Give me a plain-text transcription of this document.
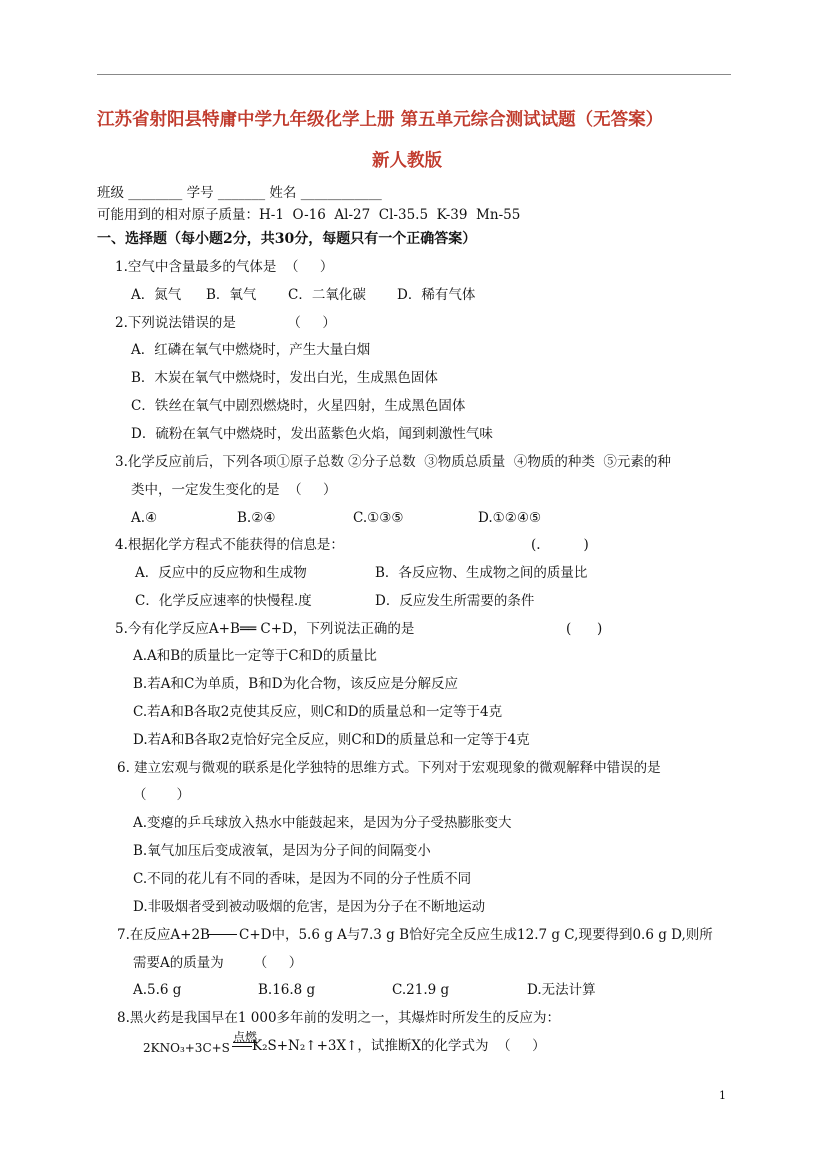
江苏省射阳县特庸中学九年级化学上册 第五单元综合测试试题（无答案）
新人教版
班级 ________ 学号 _______ 姓名 ____________
可能用到的相对原子质量：H-1  O-16  Al-27  Cl-35.5  K-39  Mn-55
一、选择题（每小题2分，共30分，每题只有一个正确答案）
1.空气中含量最多的气体是  （     ）
A．氮气 B．氧气 C．二氧化碳 D．稀有气体
2.下列说法错误的是            （     ）
A．红磷在氧气中燃烧时，产生大量白烟
B．木炭在氧气中燃烧时，发出白光，生成黑色固体
C．铁丝在氧气中剧烈燃烧时，火星四射，生成黑色固体
D．硫粉在氧气中燃烧时，发出蓝紫色火焰，闻到刺激性气味
3.化学反应前后，下列各项①原子总数 ②分子总数  ③物质总质量  ④物质的种类  ⑤元素的种
类中，一定发生变化的是  （     ）
A.④	B.②④	C.①③⑤	D.①②④⑤
4.根据化学方程式不能获得的信息是：	(.          )
A．反应中的反应物和生成物	B．各反应物、生成物之间的质量比
C．化学反应速率的快慢程.度	D．反应发生所需要的条件
5.今有化学反应A+B══ C+D，下列说法正确的是	(      )
A.A和B的质量比一定等于C和D的质量比
B.若A和C为单质，B和D为化合物，该反应是分解反应
C.若A和B各取2克使其反应，则C和D的质量总和一定等于4克
D.若A和B各取2克恰好完全反应，则C和D的质量总和一定等于4克
6. 建立宏观与微观的联系是化学独特的思维方式。下列对于宏观现象的微观解释中错误的是
（       ）
A.变瘪的乒乓球放入热水中能鼓起来，是因为分子受热膨胀变大
B.氧气加压后变成液氧，是因为分子间的间隔变小
C.不同的花儿有不同的香味，是因为不同的分子性质不同
D.非吸烟者受到被动吸烟的危害，是因为分子在不断地运动
7.在反应A+2B C+D中，5.6 g A与7.3 g B恰好完全反应生成12.7 g C,现要得到0.6 g D,则所
需要A的质量为       （     ）
A.5.6 g	B.16.8 g	C.21.9 g	D.无法计算
8.黑火药是我国早在1 000多年前的发明之一，其爆炸时所发生的反应为：
2KNO₃+3C+S
点燃
K₂S+N₂↑+3X↑，试推断X的化学式为  （     ）
1
